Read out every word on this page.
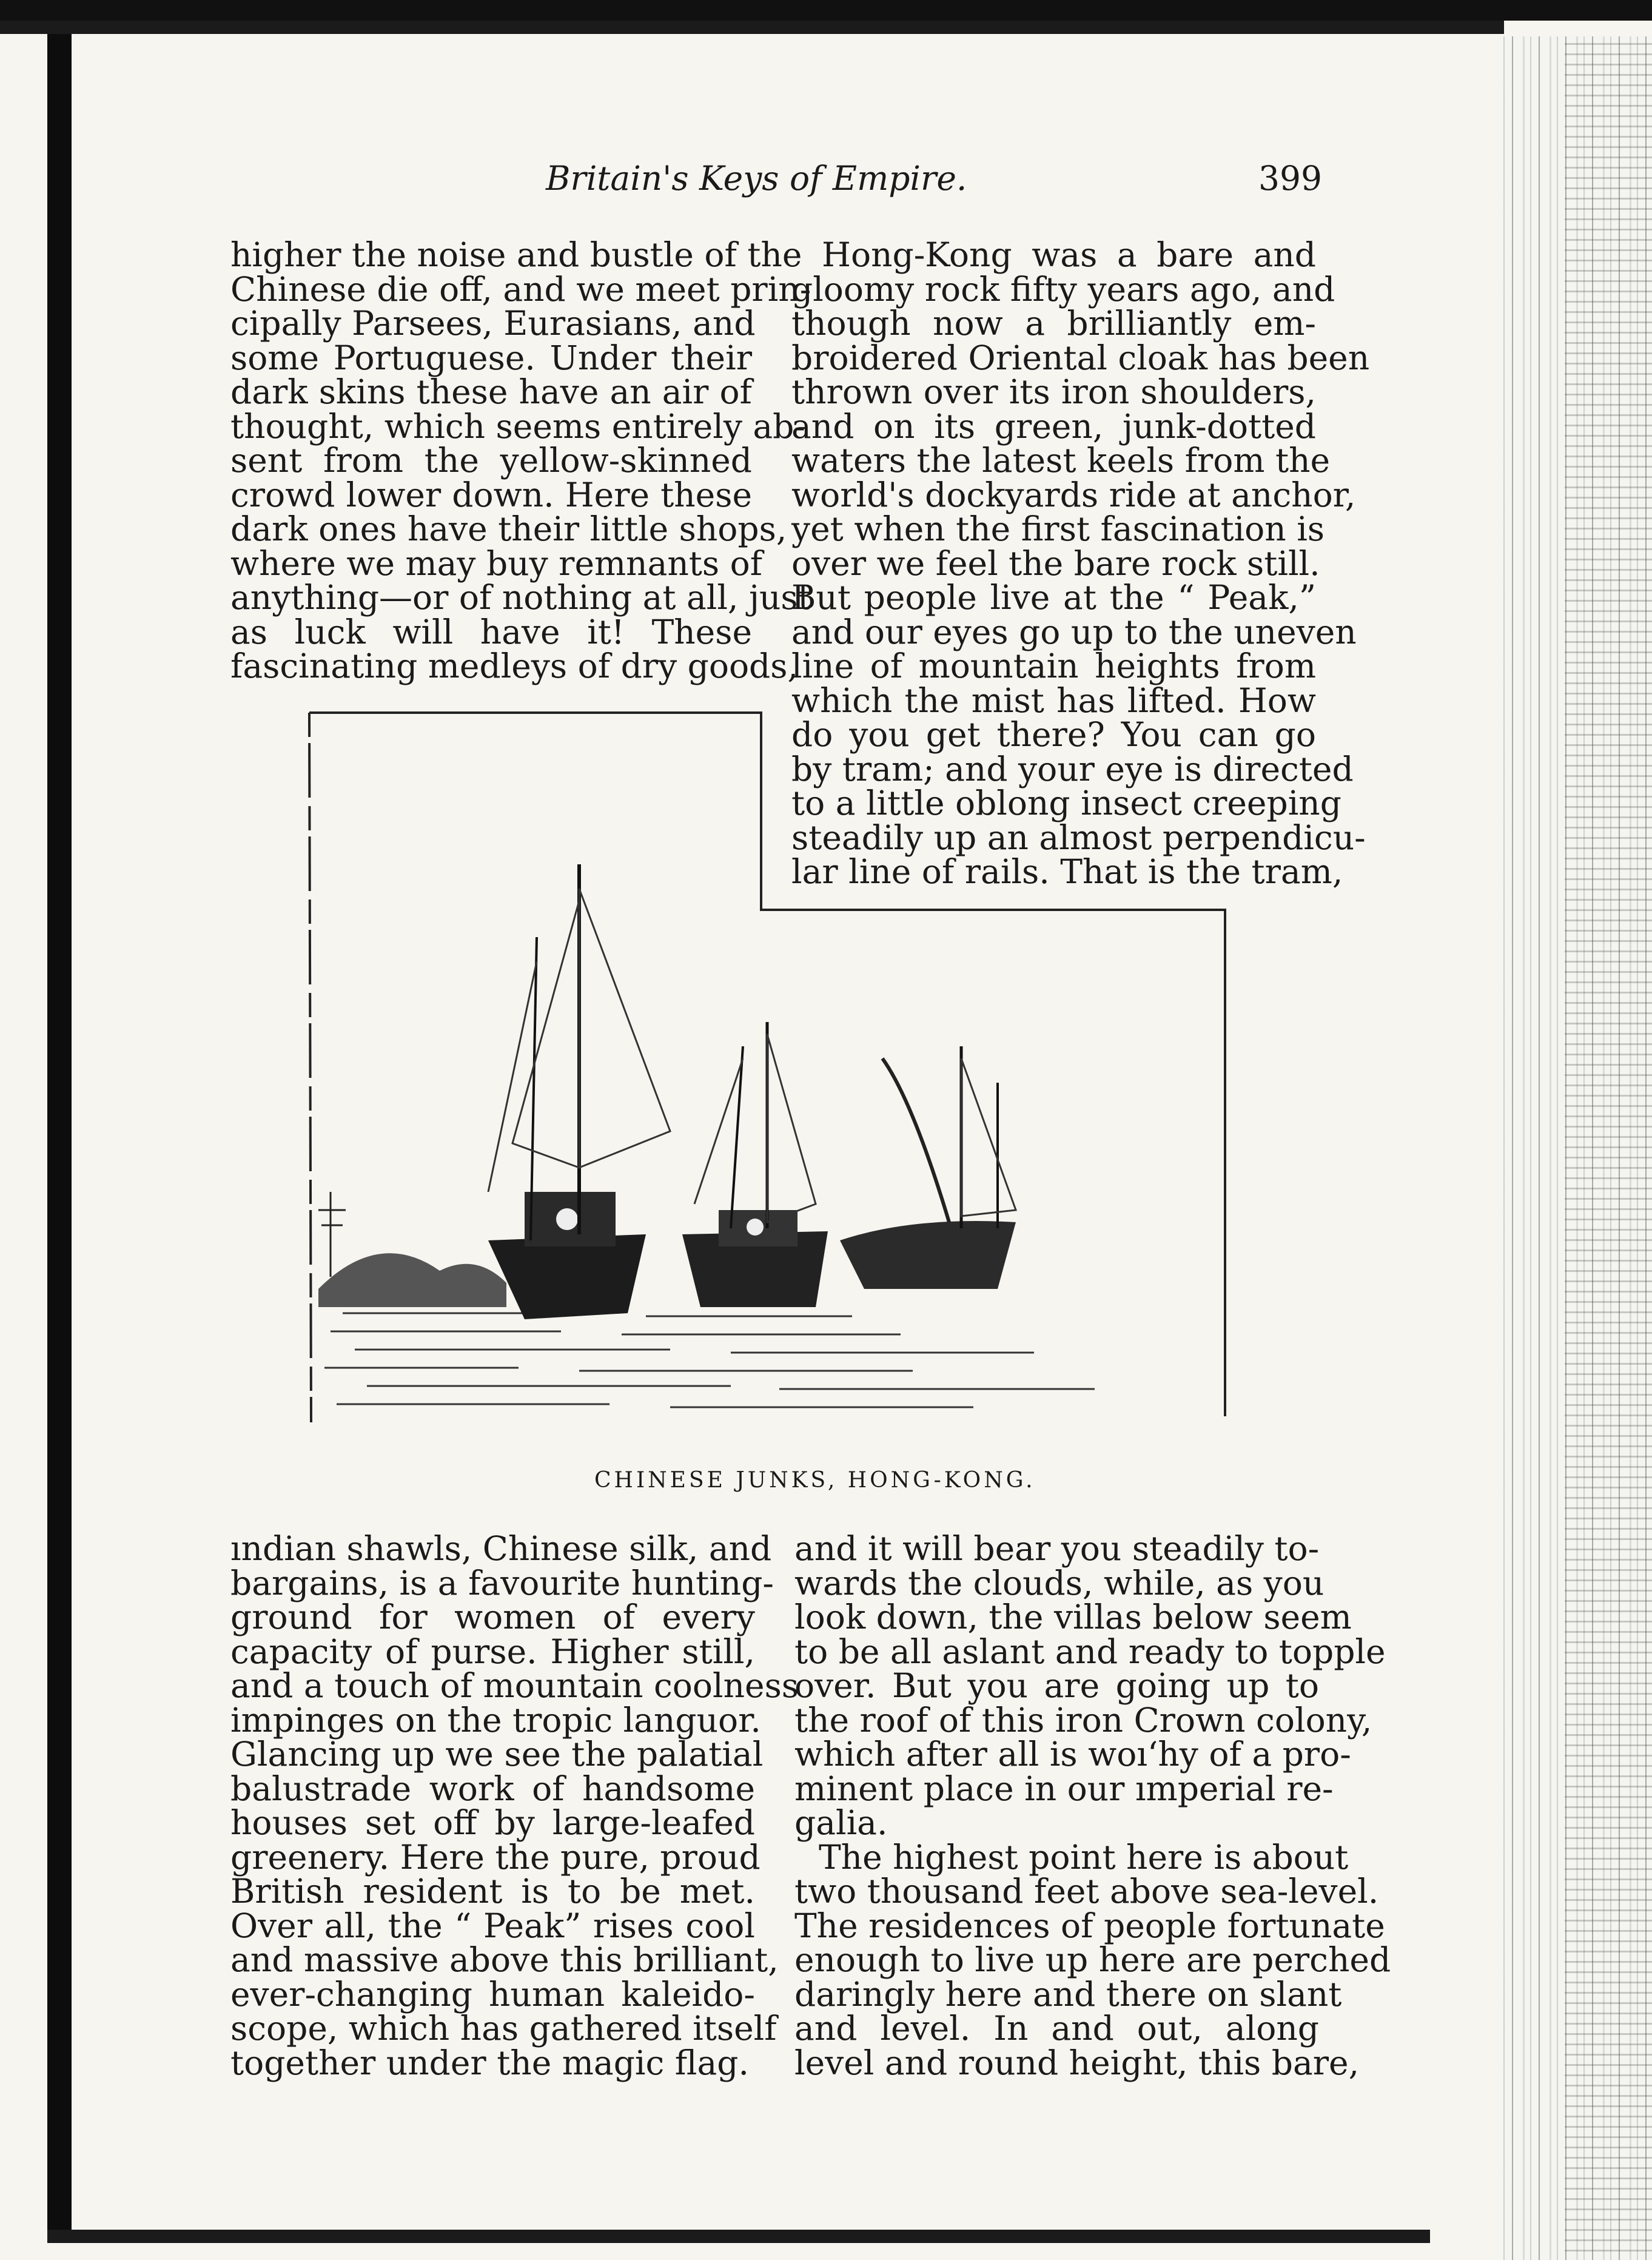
Britain's Keys of Empire.	399
higher the noise and bustle of the
Chinese die off, and we meet prin-
cipally Parsees, Eurasians, and
some Portuguese. Under their
dark skins these have an air of
thought, which seems entirely ab-
sent from the yellow-skinned
crowd lower down. Here these
dark ones have their little shops,
where we may buy remnants of
anything—or of nothing at all, just
as luck will have it! These
fascinating medleys of dry goods,
Hong-Kong was a bare and
gloomy rock fifty years ago, and
though now a brilliantly em-
broidered Oriental cloak has been
thrown over its iron shoulders,
and on its green, junk-dotted
waters the latest keels from the
world's dockyards ride at anchor,
yet when the first fascination is
over we feel the bare rock still.
But people live at the “ Peak,”
and our eyes go up to the uneven
line of mountain heights from
which the mist has lifted. How
do you get there? You can go
by tram; and your eye is directed
to a little oblong insect creeping
steadily up an almost perpendicu-
lar line of rails. That is the tram,
CHINESE JUNKS, HONG-KONG.
ındian shawls, Chinese silk, and
bargains, is a favourite hunting-
ground for women of every
capacity of purse. Higher still,
and a touch of mountain coolness
impinges on the tropic languor.
Glancing up we see the palatial
balustrade work of handsome
houses set off by large-leafed
greenery. Here the pure, proud
British resident is to be met.
Over all, the “ Peak” rises cool
and massive above this brilliant,
ever-changing human kaleido-
scope, which has gathered itself
together under the magic flag.
and it will bear you steadily to-
wards the clouds, while, as you
look down, the villas below seem
to be all aslant and ready to topple
over. But you are going up to
the roof of this iron Crown colony,
which after all is woı‘hy of a pro-
minent place in our ımperial re-
galia.
The highest point here is about
two thousand feet above sea-level.
The residences of people fortunate
enough to live up here are perched
daringly here and there on slant
and level. In and out, along
level and round height, this bare,
